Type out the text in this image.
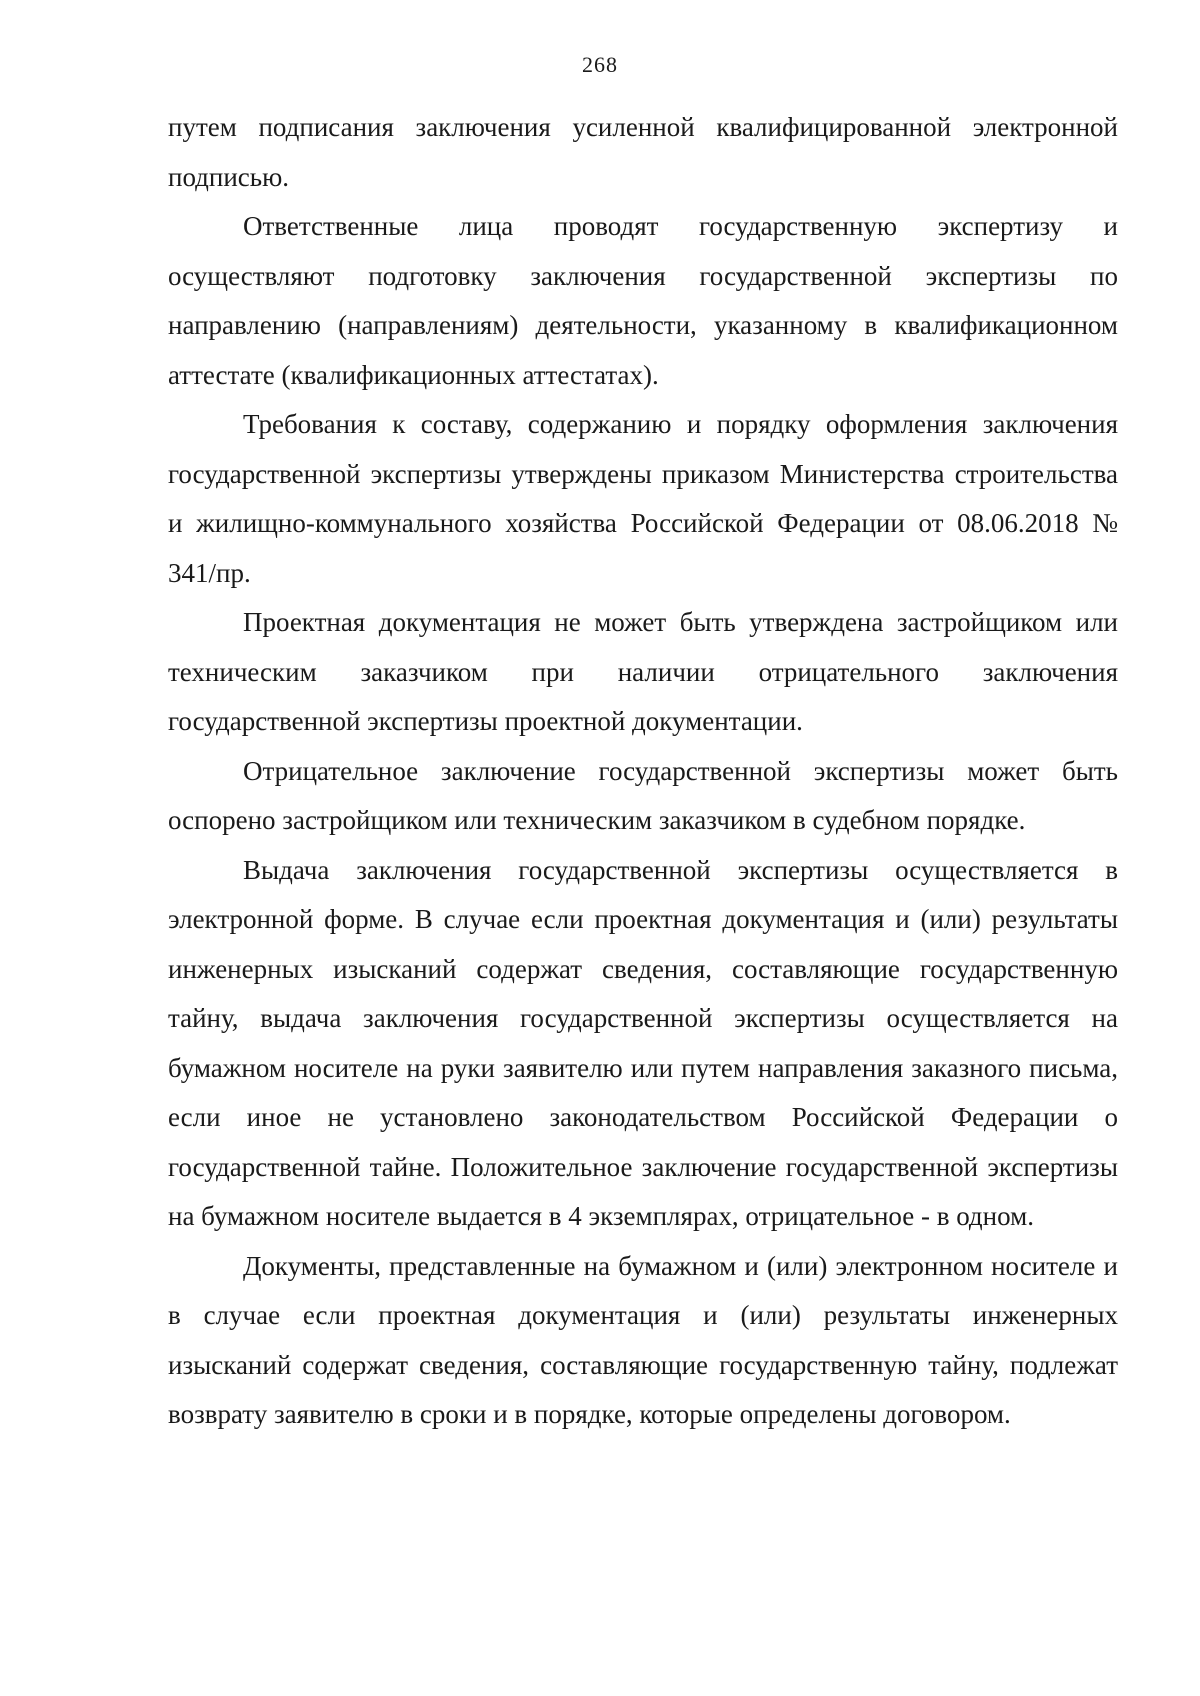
268

путем подписания заключения усиленной квалифицированной электронной подписью.

Ответственные лица проводят государственную экспертизу и осуществляют подготовку заключения государственной экспертизы по направлению (направлениям) деятельности, указанному в квалификационном аттестате (квалификационных аттестатах).

Требования к составу, содержанию и порядку оформления заключения государственной экспертизы утверждены приказом Министерства строительства и жилищно-коммунального хозяйства Российской Федерации от 08.06.2018 № 341/пр.

Проектная документация не может быть утверждена застройщиком или техническим заказчиком при наличии отрицательного заключения государственной экспертизы проектной документации.

Отрицательное заключение государственной экспертизы может быть оспорено застройщиком или техническим заказчиком в судебном порядке.

Выдача заключения государственной экспертизы осуществляется в электронной форме. В случае если проектная документация и (или) результаты инженерных изысканий содержат сведения, составляющие государственную тайну, выдача заключения государственной экспертизы осуществляется на бумажном носителе на руки заявителю или путем направления заказного письма, если иное не установлено законодательством Российской Федерации о государственной тайне. Положительное заключение государственной экспертизы на бумажном носителе выдается в 4 экземплярах, отрицательное - в одном.

Документы, представленные на бумажном и (или) электронном носителе и в случае если проектная документация и (или) результаты инженерных изысканий содержат сведения, составляющие государственную тайну, подлежат возврату заявителю в сроки и в порядке, которые определены договором.
